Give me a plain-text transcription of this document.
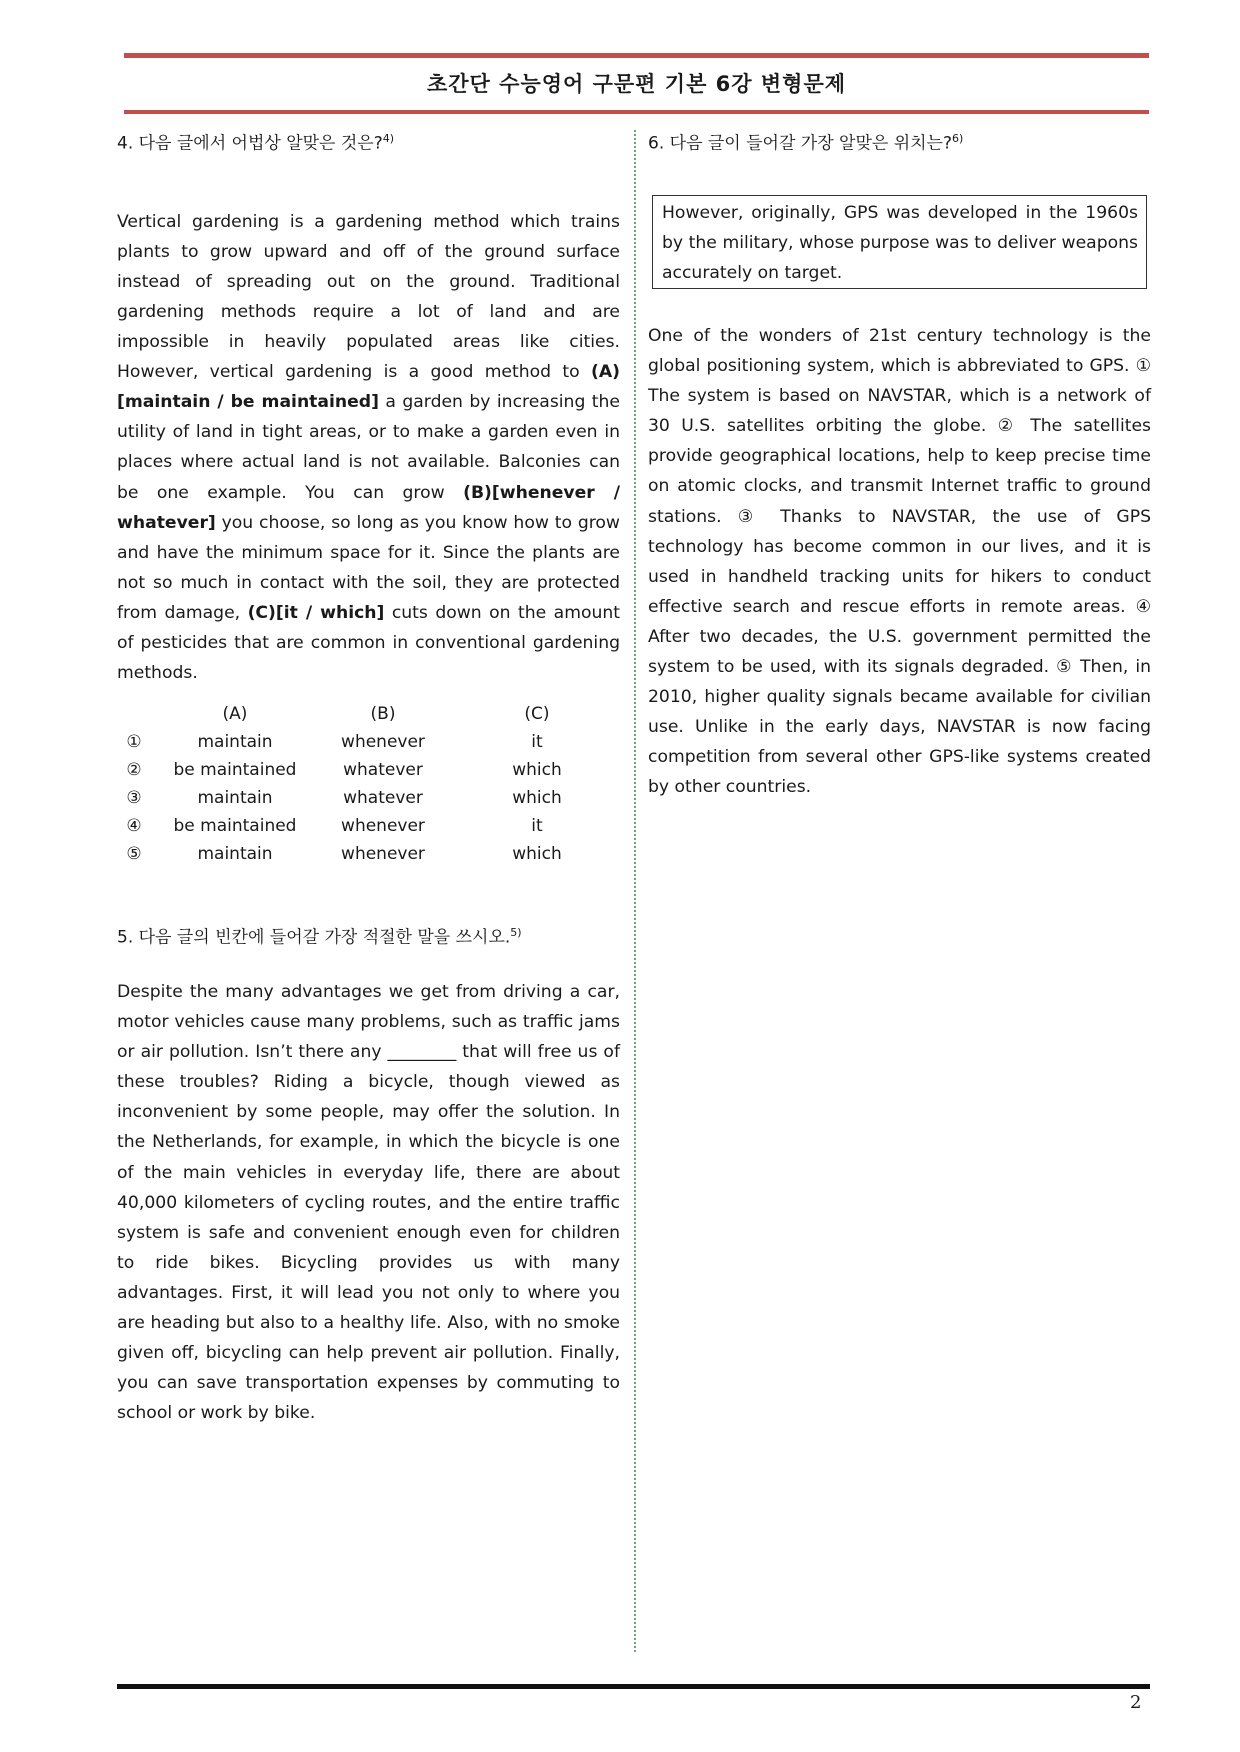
초간단 수능영어 구문편 기본 6강 변형문제

4. 다음 글에서 어법상 알맞은 것은?$^{4)}$

Vertical gardening is a gardening method which trains plants to grow upward and off of the ground surface instead of spreading out on the ground. Traditional gardening methods require a lot of land and are impossible in heavily populated areas like cities. However, vertical gardening is a good method to (A)[maintain / be maintained] a garden by increasing the utility of land in tight areas, or to make a garden even in places where actual land is not available. Balconies can be one example. You can grow (B)[whenever / whatever] you choose, so long as you know how to grow and have the minimum space for it. Since the plants are not so much in contact with the soil, they are protected from damage, (C)[it / which] cuts down on the amount of pesticides that are common in conventional gardening methods.

	(A)	(B)	(C)
①	maintain	whenever	it
②	be maintained	whatever	which
③	maintain	whatever	which
④	be maintained	whenever	it
⑤	maintain	whenever	which

5. 다음 글의 빈칸에 들어갈 가장 적절한 말을 쓰시오.$^{5)}$

Despite the many advantages we get from driving a car, motor vehicles cause many problems, such as traffic jams or air pollution. Isn’t there any ________ that will free us of these troubles? Riding a bicycle, though viewed as inconvenient by some people, may offer the solution. In the Netherlands, for example, in which the bicycle is one of the main vehicles in everyday life, there are about 40,000 kilometers of cycling routes, and the entire traffic system is safe and convenient enough even for children to ride bikes. Bicycling provides us with many advantages. First, it will lead you not only to where you are heading but also to a healthy life. Also, with no smoke given off, bicycling can help prevent air pollution. Finally, you can save transportation expenses by commuting to school or work by bike.

6. 다음 글이 들어갈 가장 알맞은 위치는?$^{6)}$

However, originally, GPS was developed in the 1960s by the military, whose purpose was to deliver weapons accurately on target.

One of the wonders of 21st century technology is the global positioning system, which is abbreviated to GPS. ① The system is based on NAVSTAR, which is a network of 30 U.S. satellites orbiting the globe. ② The satellites provide geographical locations, help to keep precise time on atomic clocks, and transmit Internet traffic to ground stations. ③ Thanks to NAVSTAR, the use of GPS technology has become common in our lives, and it is used in handheld tracking units for hikers to conduct effective search and rescue efforts in remote areas. ④ After two decades, the U.S. government permitted the system to be used, with its signals degraded. ⑤ Then, in 2010, higher quality signals became available for civilian use. Unlike in the early days, NAVSTAR is now facing competition from several other GPS-like systems created by other countries.

2
